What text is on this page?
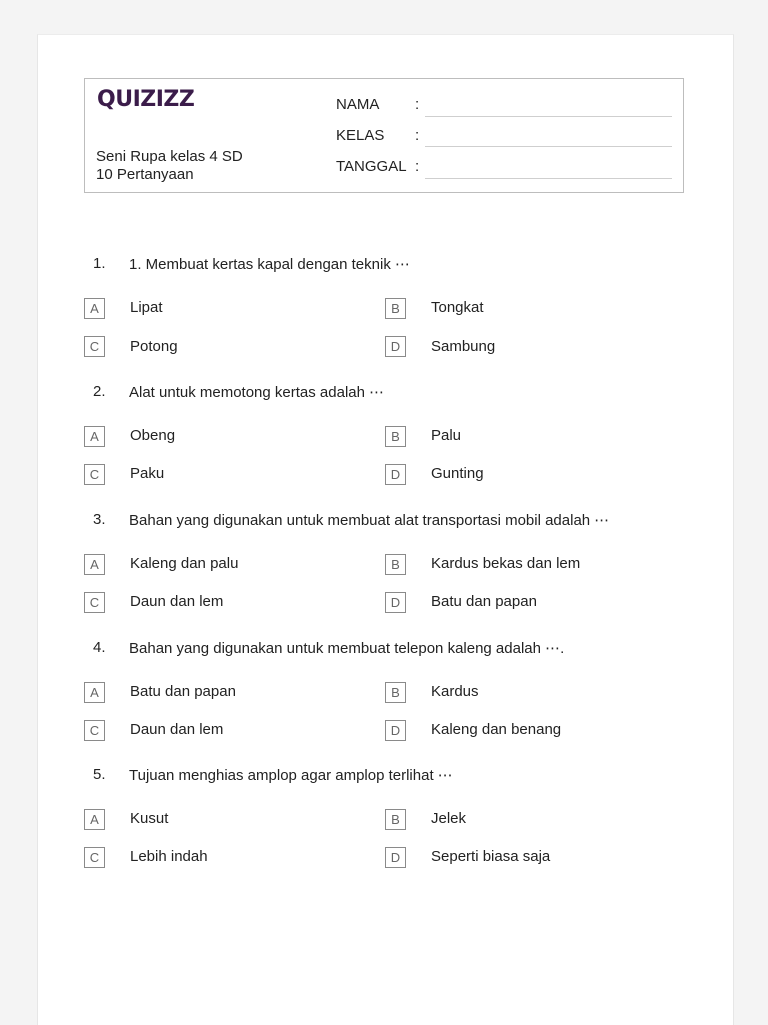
QUIZIZZ
Seni Rupa kelas 4 SD
10 Pertanyaan
NAMA :
KELAS :
TANGGAL :
1. 1. Membuat kertas kapal dengan teknik ⋯
A	Lipat	B	Tongkat
C	Potong	D	Sambung
2. Alat untuk memotong kertas adalah ⋯
A	Obeng	B	Palu
C	Paku	D	Gunting
3. Bahan yang digunakan untuk membuat alat transportasi mobil adalah ⋯
A	Kaleng dan palu	B	Kardus bekas dan lem
C	Daun dan lem	D	Batu dan papan
4. Bahan yang digunakan untuk membuat telepon kaleng adalah ⋯.
A	Batu dan papan	B	Kardus
C	Daun dan lem	D	Kaleng dan benang
5. Tujuan menghias amplop agar amplop terlihat ⋯
A	Kusut	B	Jelek
C	Lebih indah	D	Seperti biasa saja
